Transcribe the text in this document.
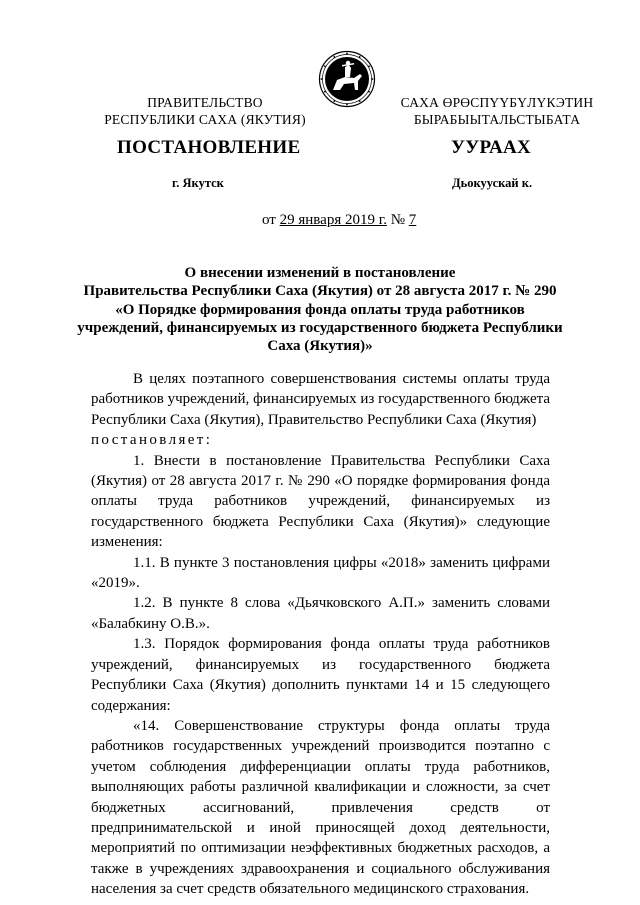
ПРАВИТЕЛЬСТВО
РЕСПУБЛИКИ САХА (ЯКУТИЯ)
САХА ӨРӨСПҮҮБҮЛҮКЭТИН
БЫРАБЫЫТАЛЬСТЫБАТА
ПОСТАНОВЛЕНИЕ	УУРААХ
г. Якутск	Дьокуускай к.
от 29 января 2019 г. № 7
О внесении изменений в постановление
Правительства Республики Саха (Якутия) от 28 августа 2017 г. № 290
«О Порядке формирования фонда оплаты труда работников
учреждений, финансируемых из государственного бюджета Республики
Саха (Якутия)»

В целях поэтапного совершенствования системы оплаты труда работников учреждений, финансируемых из государственного бюджета Республики Саха (Якутия), Правительство Республики Саха (Якутия)

постановляет:

1. Внести в постановление Правительства Республики Саха (Якутия) от 28 августа 2017 г. № 290 «О порядке формирования фонда оплаты труда работников учреждений, финансируемых из государственного бюджета Республики Саха (Якутия)» следующие изменения:

1.1. В пункте 3 постановления цифры «2018» заменить цифрами «2019».

1.2. В пункте 8 слова «Дьячковского А.П.» заменить словами «Балабкину О.В.».

1.3. Порядок формирования фонда оплаты труда работников учреждений, финансируемых из государственного бюджета Республики Саха (Якутия) дополнить пунктами 14 и 15 следующего содержания:

«14. Совершенствование структуры фонда оплаты труда работников государственных учреждений производится поэтапно с учетом соблюдения дифференциации оплаты труда работников, выполняющих работы различной квалификации и сложности, за счет бюджетных ассигнований, привлечения средств от предпринимательской и иной приносящей доход деятельности, мероприятий по оптимизации неэффективных бюджетных расходов, а также в учреждениях здравоохранения и социального обслуживания населения за счет средств обязательного медицинского страхования.
